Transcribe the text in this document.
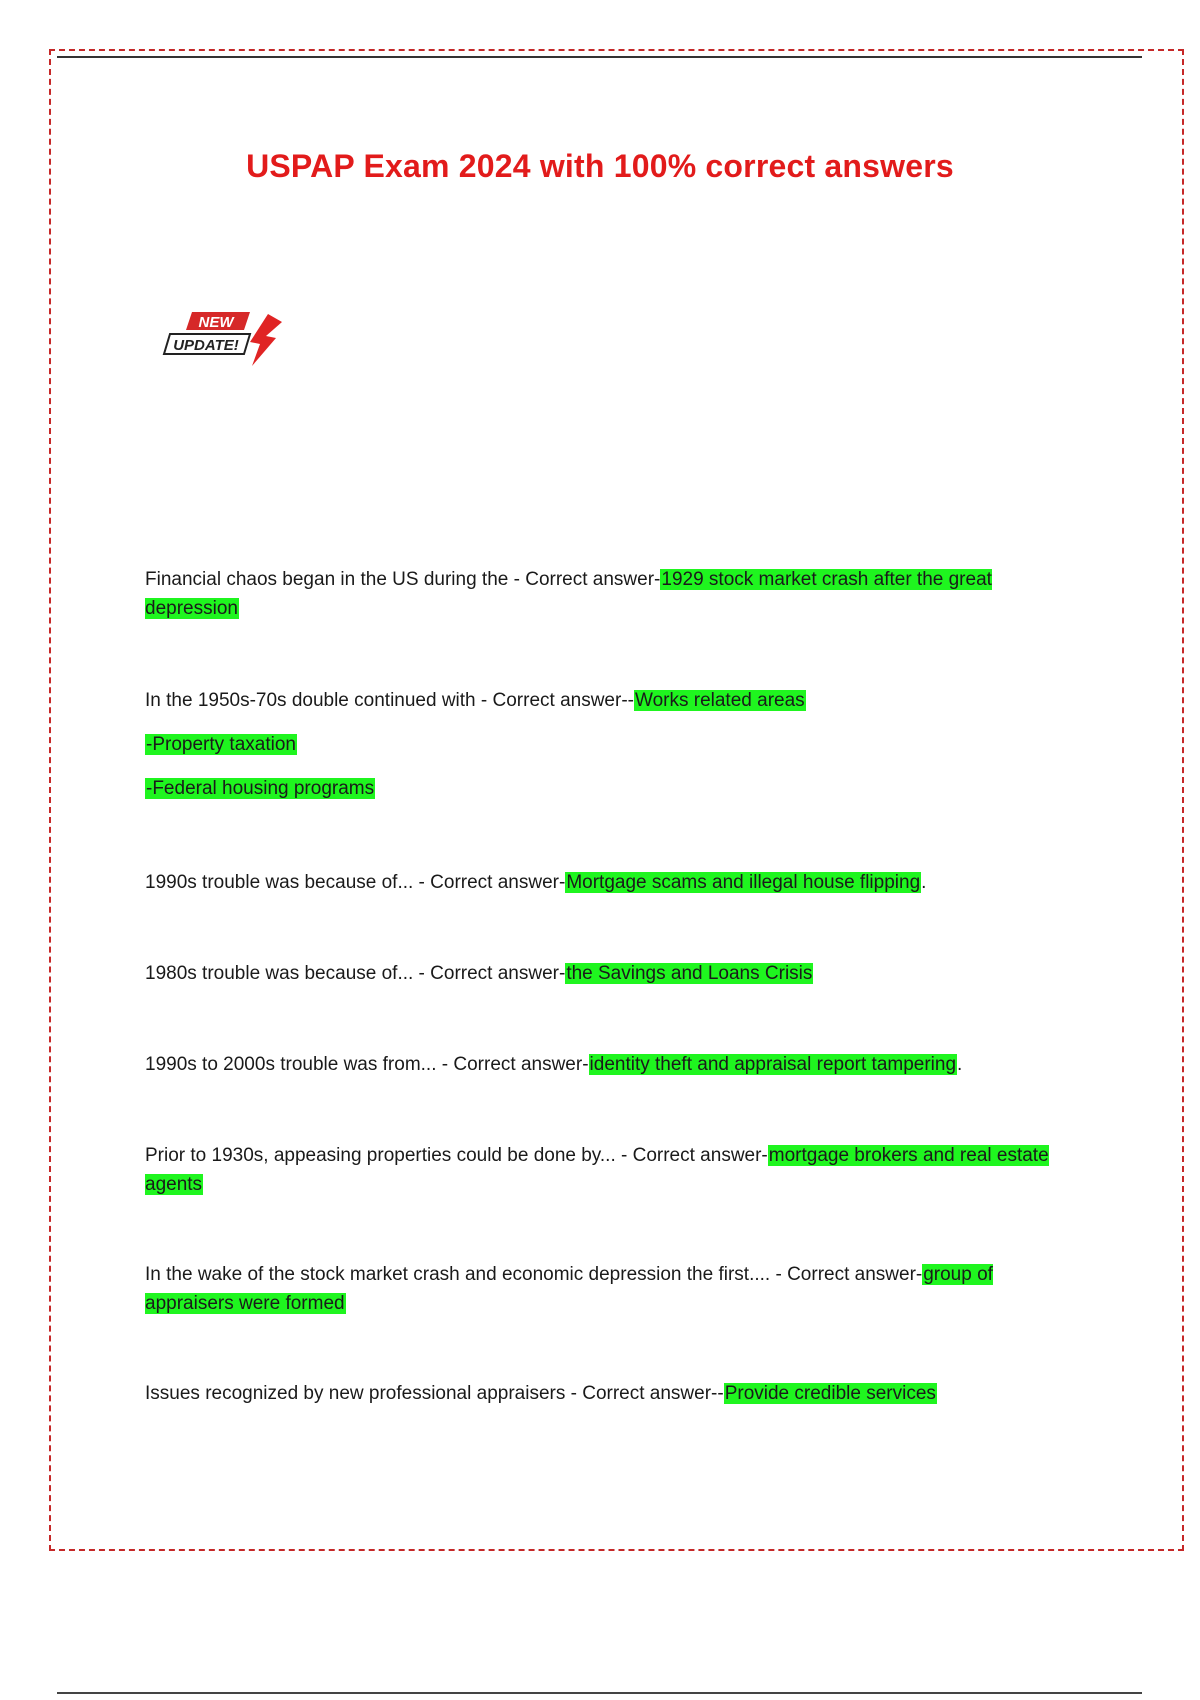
USPAP Exam 2024 with 100% correct answers
NEW
UPDATE!
Financial chaos began in the US during the - Correct answer-1929 stock market crash after the great depression
In the 1950s-70s double continued with - Correct answer--Works related areas
-Property taxation
-Federal housing programs
1990s trouble was because of... - Correct answer-Mortgage scams and illegal house flipping.
1980s trouble was because of... - Correct answer-the Savings and Loans Crisis
1990s to 2000s trouble was from... - Correct answer-identity theft and appraisal report tampering.
Prior to 1930s, appeasing properties could be done by... - Correct answer-mortgage brokers and real estate agents
In the wake of the stock market crash and economic depression the first.... - Correct answer-group of appraisers were formed
Issues recognized by new professional appraisers - Correct answer--Provide credible services
